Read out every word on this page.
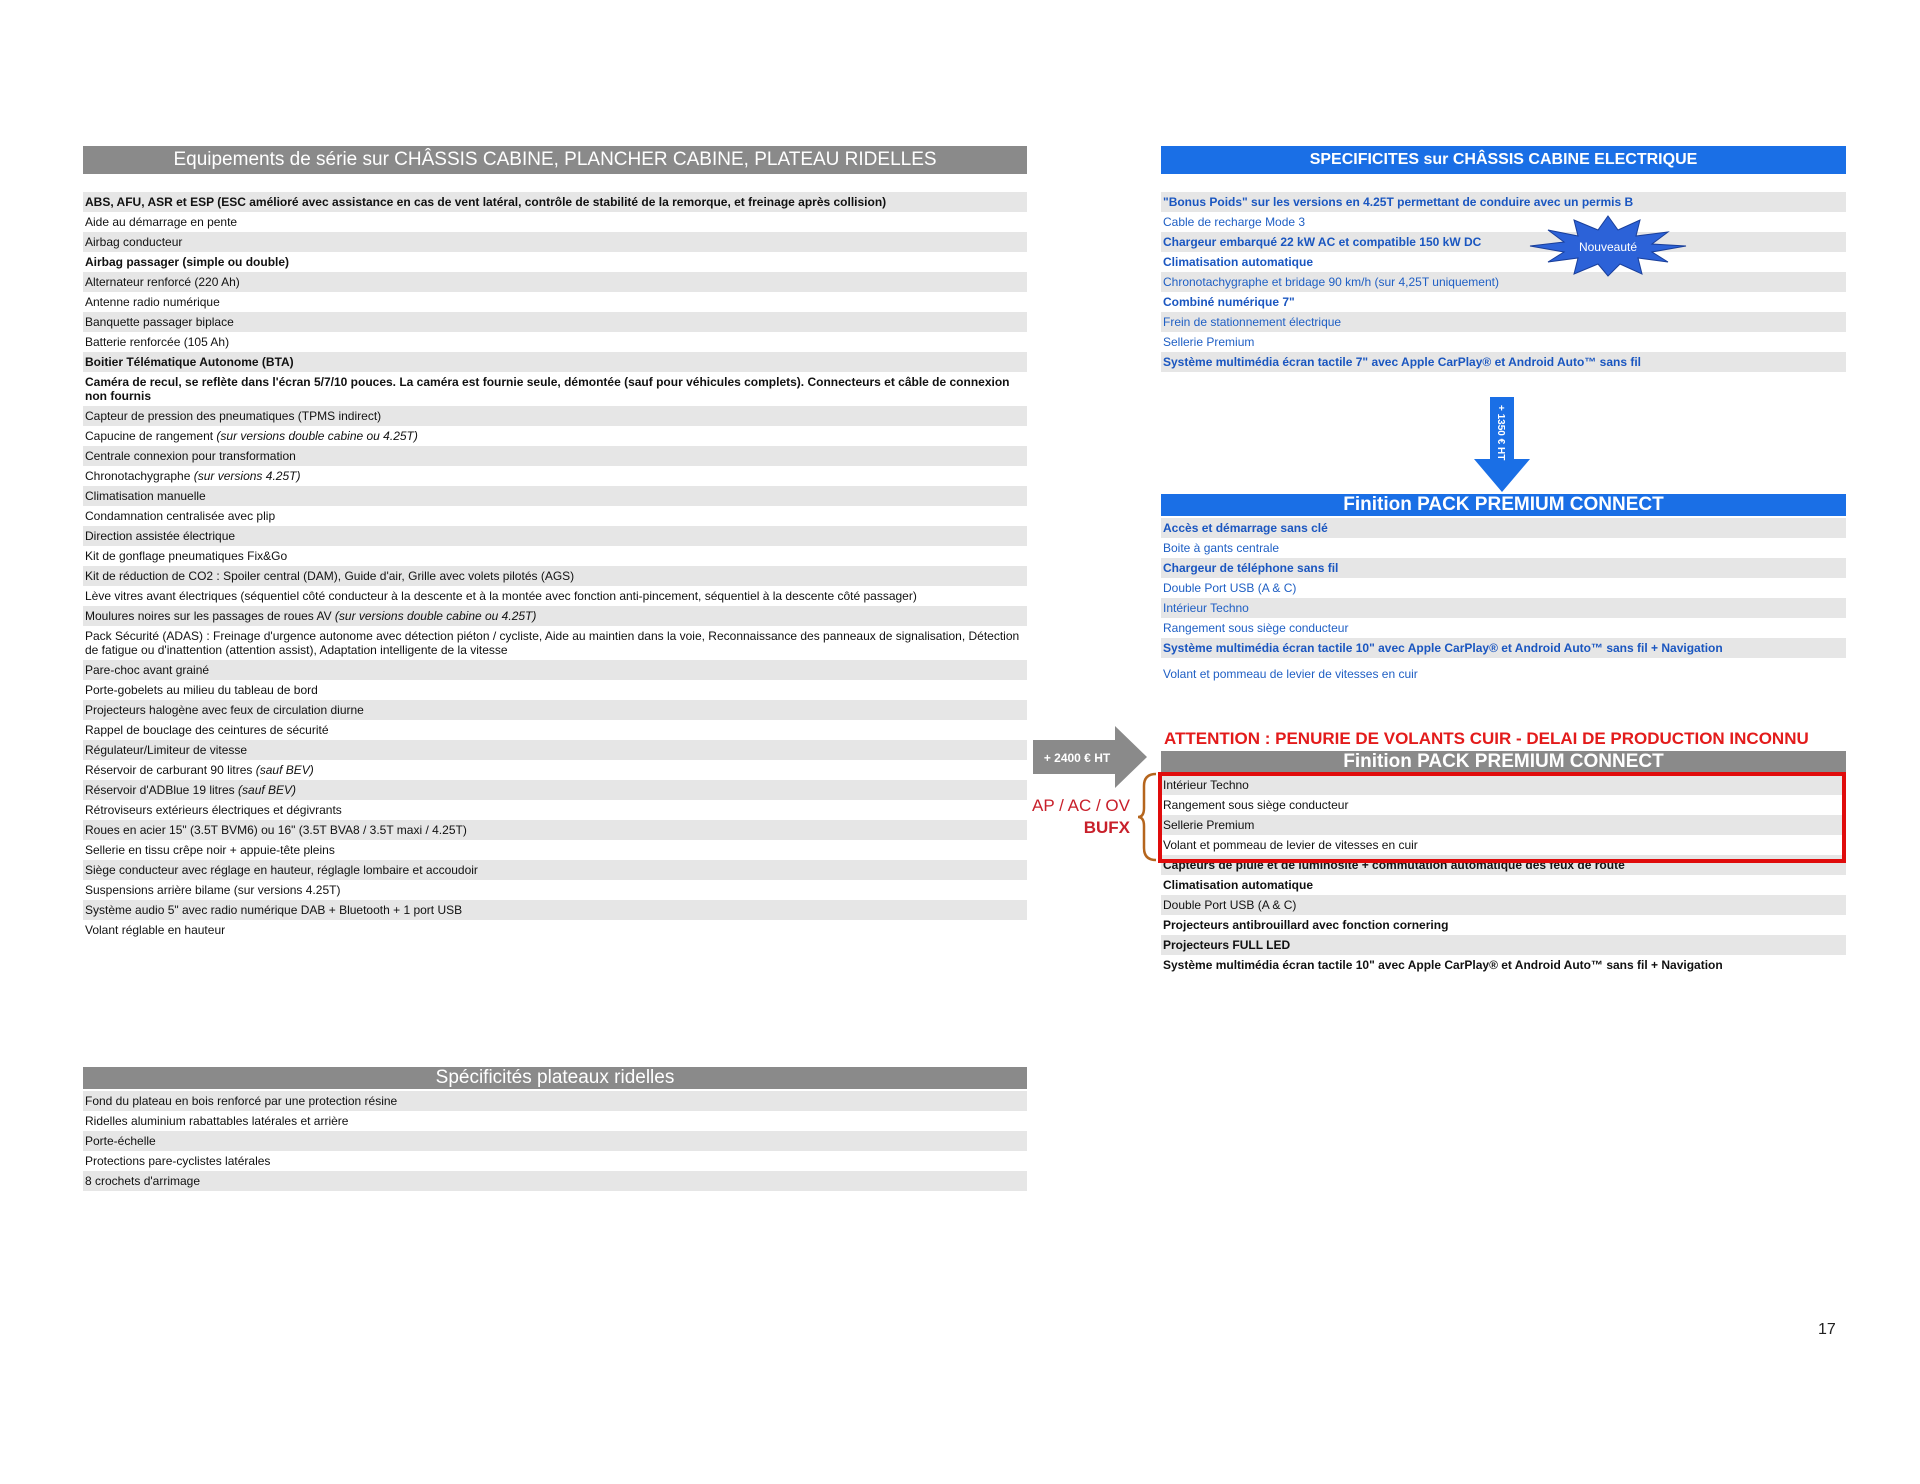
Equipements de série sur CHÂSSIS CABINE, PLANCHER CABINE, PLATEAU RIDELLES
ABS, AFU, ASR et ESP (ESC amélioré avec assistance en cas de vent latéral, contrôle de stabilité de la remorque, et freinage après collision)
Aide au démarrage en pente
Airbag conducteur
Airbag passager (simple ou double)
Alternateur renforcé (220 Ah)
Antenne radio numérique
Banquette passager biplace
Batterie renforcée (105 Ah)
Boitier Télématique Autonome (BTA)
Caméra de recul, se reflète dans l'écran 5/7/10 pouces. La caméra est fournie seule, démontée (sauf pour véhicules complets). Connecteurs et câble de connexion non fournis
Capteur de pression des pneumatiques (TPMS indirect)
Capucine de rangement (sur versions double cabine ou 4.25T)
Centrale connexion pour transformation
Chronotachygraphe (sur versions 4.25T)
Climatisation manuelle
Condamnation centralisée avec plip
Direction assistée électrique
Kit de gonflage pneumatiques Fix&Go
Kit de réduction de CO2 : Spoiler central (DAM), Guide d'air, Grille avec volets pilotés (AGS)
Lève vitres avant électriques (séquentiel côté conducteur à la descente et à la montée avec fonction anti-pincement, séquentiel à la descente côté passager)
Moulures noires sur les passages de roues AV (sur versions double cabine ou 4.25T)
Pack Sécurité (ADAS) : Freinage d'urgence autonome avec détection piéton / cycliste, Aide au maintien dans la voie, Reconnaissance des panneaux de signalisation, Détection de fatigue ou d'inattention (attention assist), Adaptation intelligente de la vitesse
Pare-choc avant grainé
Porte-gobelets au milieu du tableau de bord
Projecteurs halogène avec feux de circulation diurne
Rappel de bouclage des ceintures de sécurité
Régulateur/Limiteur de vitesse
Réservoir de carburant 90 litres (sauf BEV)
Réservoir d'ADBlue 19 litres (sauf BEV)
Rétroviseurs extérieurs électriques et dégivrants
Roues en acier 15" (3.5T BVM6) ou 16" (3.5T BVA8 / 3.5T maxi / 4.25T)
Sellerie en tissu crêpe noir + appuie-tête pleins
Siège conducteur avec réglage en hauteur, réglagle lombaire et accoudoir
Suspensions arrière bilame (sur versions 4.25T)
Système audio 5" avec radio numérique DAB + Bluetooth + 1 port USB
Volant réglable en hauteur
Spécificités plateaux ridelles
Fond du plateau en bois renforcé par une protection résine
Ridelles aluminium rabattables latérales et arrière
Porte-échelle
Protections pare-cyclistes latérales
8 crochets d'arrimage
SPECIFICITES sur CHÂSSIS CABINE ELECTRIQUE
"Bonus Poids" sur les versions en 4.25T permettant de conduire avec un permis B
Cable de recharge Mode 3
Chargeur embarqué 22 kW AC et compatible 150 kW DC
Climatisation automatique
Chronotachygraphe et bridage 90 km/h (sur 4,25T uniquement)
Combiné numérique 7"
Frein de stationnement électrique
Sellerie Premium
Système multimédia écran tactile 7" avec Apple CarPlay® et Android Auto™ sans fil
Nouveauté
+ 1350 € HT
Finition PACK PREMIUM CONNECT
Accès et démarrage sans clé
Boite à gants centrale
Chargeur de téléphone sans fil
Double Port USB (A & C)
Intérieur Techno
Rangement sous siège conducteur
Système multimédia écran tactile 10" avec Apple CarPlay® et Android Auto™ sans fil + Navigation
Volant et pommeau de levier de vitesses en cuir
ATTENTION : PENURIE DE VOLANTS CUIR - DELAI DE PRODUCTION INCONNU
+ 2400 € HT
AP / AC / OV
BUFX
Finition PACK PREMIUM CONNECT
Intérieur Techno
Rangement sous siège conducteur
Sellerie Premium
Volant et pommeau de levier de vitesses en cuir
Capteurs de pluie et de luminosité + commutation automatique des feux de route
Climatisation automatique
Double Port USB (A & C)
Projecteurs antibrouillard avec fonction cornering
Projecteurs FULL LED
Système multimédia écran tactile 10" avec Apple CarPlay® et Android Auto™ sans fil + Navigation
17
